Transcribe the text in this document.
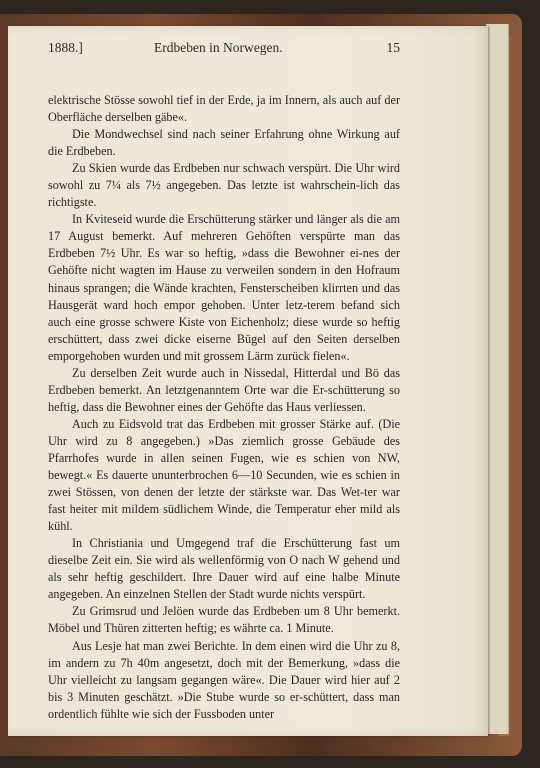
1888.]	Erdbeben in Norwegen.	15

elektrische Stösse sowohl tief in der Erde, ja im Innern, als auch auf der Oberfläche derselben gäbe«.

Die Mondwechsel sind nach seiner Erfahrung ohne Wirkung auf die Erdbeben.

Zu Skien wurde das Erdbeben nur schwach verspürt. Die Uhr wird sowohl zu 7¼ als 7½ angegeben. Das letzte ist wahrschein-lich das richtigste.

In Kviteseid wurde die Erschütterung stärker und länger als die am 17 August bemerkt. Auf mehreren Gehöften verspürte man das Erdbeben 7½ Uhr. Es war so heftig, »dass die Bewohner ei-nes der Gehöfte nicht wagten im Hause zu verweilen sondern in den Hofraum hinaus sprangen; die Wände krachten, Fensterscheiben klirrten und das Hausgerät ward hoch empor gehoben. Unter letz-terem befand sich auch eine grosse schwere Kiste von Eichenholz; diese wurde so heftig erschüttert, dass zwei dicke eiserne Bügel auf den Seiten derselben emporgehoben wurden und mit grossem Lärm zurück fielen«.

Zu derselben Zeit wurde auch in Nissedal, Hitterdal und Bö das Erdbeben bemerkt. An letztgenanntem Orte war die Er-schütterung so heftig, dass die Bewohner eines der Gehöfte das Haus verliessen.

Auch zu Eidsvold trat das Erdbeben mit grosser Stärke auf. (Die Uhr wird zu 8 angegeben.) »Das ziemlich grosse Gebäude des Pfarrhofes wurde in allen seinen Fugen, wie es schien von NW, bewegt.« Es dauerte ununterbrochen 6—10 Secunden, wie es schien in zwei Stössen, von denen der letzte der stärkste war. Das Wet-ter war fast heiter mit mildem südlichem Winde, die Temperatur eher mild als kühl.

In Christiania und Umgegend traf die Erschütterung fast um dieselbe Zeit ein. Sie wird als wellenförmig von O nach W gehend und als sehr heftig geschildert. Ihre Dauer wird auf eine halbe Minute angegeben. An einzelnen Stellen der Stadt wurde nichts verspürt.

Zu Grimsrud und Jelöen wurde das Erdbeben um 8 Uhr bemerkt. Möbel und Thüren zitterten heftig; es währte ca. 1 Minute.

Aus Lesje hat man zwei Berichte. In dem einen wird die Uhr zu 8, im andern zu 7h 40m angesetzt, doch mit der Bemerkung, »dass die Uhr vielleicht zu langsam gegangen wäre«. Die Dauer wird hier auf 2 bis 3 Minuten geschätzt. »Die Stube wurde so er-schüttert, dass man ordentlich fühlte wie sich der Fussboden unter
